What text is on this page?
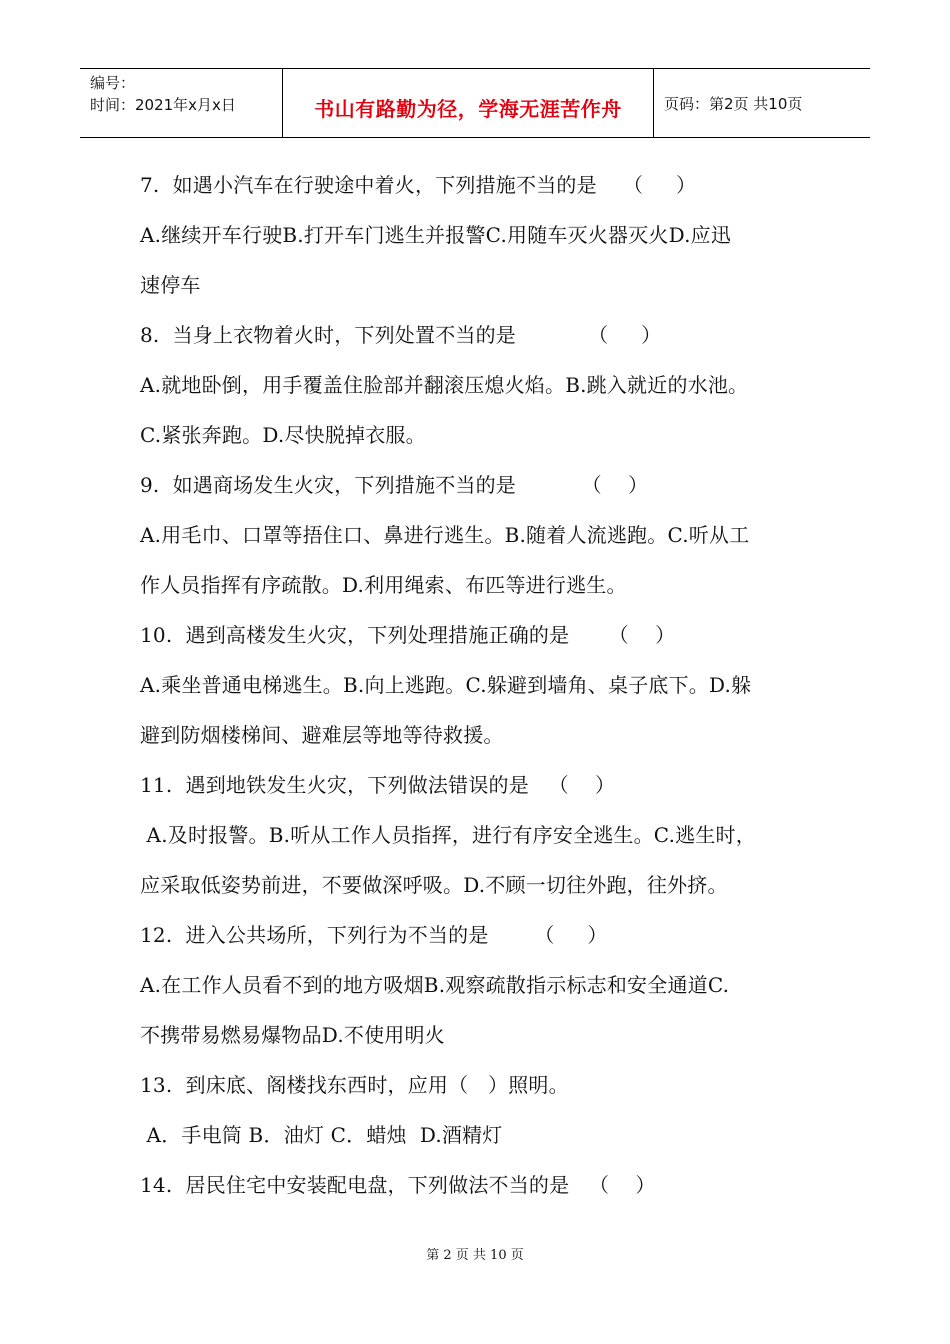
编号：
时间：2021年x月x日	书山有路勤为径，学海无涯苦作舟	页码：第2页 共10页
7.  如遇小汽车在行驶途中着火，下列措施不当的是    （     ）
A.继续开车行驶B.打开车门逃生并报警C.用随车灭火器灭火D.应迅
速停车
8.  当身上衣物着火时，下列处置不当的是           （     ）
A.就地卧倒，用手覆盖住脸部并翻滚压熄火焰。B.跳入就近的水池。
C.紧张奔跑。D.尽快脱掉衣服。
9.  如遇商场发生火灾，下列措施不当的是          （    ）
A.用毛巾、口罩等捂住口、鼻进行逃生。B.随着人流逃跑。C.听从工
作人员指挥有序疏散。D.利用绳索、布匹等进行逃生。
10.  遇到高楼发生火灾，下列处理措施正确的是      （    ）
A.乘坐普通电梯逃生。B.向上逃跑。C.躲避到墙角、桌子底下。D.躲
避到防烟楼梯间、避难层等地等待救援。
11.  遇到地铁发生火灾，下列做法错误的是   （    ）
A.及时报警。B.听从工作人员指挥，进行有序安全逃生。C.逃生时，
应采取低姿势前进，不要做深呼吸。D.不顾一切往外跑，往外挤。
12.  进入公共场所，下列行为不当的是       （     ）
A.在工作人员看不到的地方吸烟B.观察疏散指示标志和安全通道C.
不携带易燃易爆物品D.不使用明火
13.  到床底、阁楼找东西时，应用（   ）照明。
A．手电筒 B．油灯 C．蜡烛  D.酒精灯
14.  居民住宅中安装配电盘，下列做法不当的是   （    ）
第 2 页 共 10 页
